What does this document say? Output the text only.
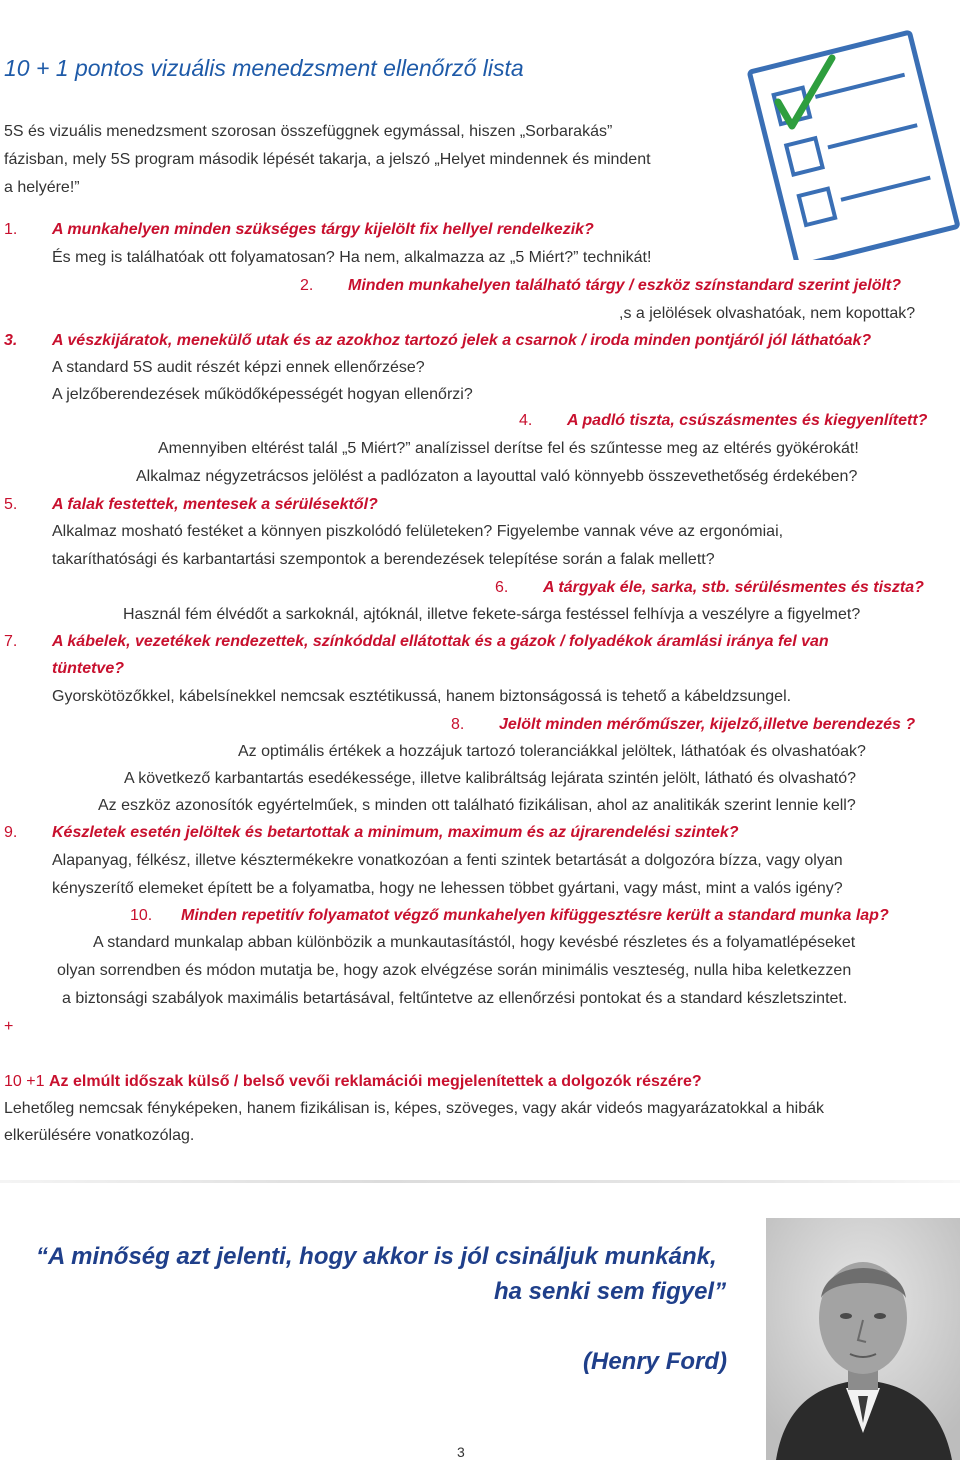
10 + 1 pontos vizuális menedzsment ellenőrző lista
5S és vizuális menedzsment szorosan összefüggnek egymással, hiszen „Sorbarakás”
fázisban, mely 5S program második lépését takarja, a jelszó „Helyet mindennek és mindent
a helyére!”
1. A munkahelyen minden szükséges tárgy kijelölt fix hellyel rendelkezik?
És meg is találhatóak ott folyamatosan? Ha nem, alkalmazza az „5 Miért?” technikát!
2. Minden munkahelyen található tárgy / eszköz színstandard szerint jelölt?
,s a jelölések olvashatóak, nem kopottak?
3. A vészkijáratok, menekülő utak és az azokhoz tartozó jelek a csarnok / iroda minden pontjáról jól láthatóak?
A standard 5S audit részét képzi ennek ellenőrzése?
A jelzőberendezések működőképességét hogyan ellenőrzi?
4. A padló tiszta, csúszásmentes és kiegyenlített?
Amennyiben eltérést talál „5 Miért?” analízissel derítse fel és szűntesse meg az eltérés gyökérokát!
Alkalmaz négyzetrácsos jelölést a padlózaton a layouttal való könnyebb összevethetőség érdekében?
5. A falak festettek, mentesek a sérülésektől?
Alkalmaz mosható festéket a könnyen piszkolódó felületeken? Figyelembe vannak véve az ergonómiai,
takaríthatósági és karbantartási szempontok a berendezések telepítése során a falak mellett?
6. A tárgyak éle, sarka, stb. sérülésmentes és tiszta?
Használ fém élvédőt a sarkoknál, ajtóknál, illetve fekete-sárga festéssel felhívja a veszélyre a figyelmet?
7. A kábelek, vezetékek rendezettek, színkóddal ellátottak és a gázok / folyadékok áramlási iránya fel van
tüntetve?
Gyorskötözőkkel, kábelsínekkel nemcsak esztétikussá, hanem biztonságossá is tehető a kábeldzsungel.
8. Jelölt minden mérőműszer, kijelző,illetve berendezés ?
Az optimális értékek a hozzájuk tartozó toleranciákkal jelöltek, láthatóak és olvashatóak?
A következő karbantartás esedékessége, illetve kalibráltság lejárata szintén jelölt, látható és olvasható?
Az eszköz azonosítók egyértelműek, s minden ott található fizikálisan, ahol az analitikák szerint lennie kell?
9. Készletek esetén jelöltek és betartottak a minimum, maximum és az újrarendelési szintek?
Alapanyag, félkész, illetve késztermékekre vonatkozóan a fenti szintek betartását a dolgozóra bízza, vagy olyan
kényszerítő elemeket épített be a folyamatba, hogy ne lehessen többet gyártani, vagy mást, mint a valós igény?
10. Minden repetitív folyamatot végző munkahelyen kifüggesztésre került a standard munka lap?
A standard munkalap abban különbözik a munkautasítástól, hogy kevésbé részletes és a folyamatlépéseket
olyan sorrendben és módon mutatja be, hogy azok elvégzése során minimális veszteség, nulla hiba keletkezzen
a biztonsági szabályok maximális betartásával, feltűntetve az ellenőrzési pontokat és a standard készletszintet.
+
10 +1 Az elmúlt időszak külső / belső vevői reklamációi megjelenítettek a dolgozók részére?
Lehetőleg nemcsak fényképeken, hanem fizikálisan is, képes, szöveges, vagy akár videós magyarázatokkal a hibák
elkerülésére vonatkozólag.
“A minőség azt jelenti, hogy akkor is jól csináljuk munkánk,
ha senki sem figyel”
(Henry Ford)
3
